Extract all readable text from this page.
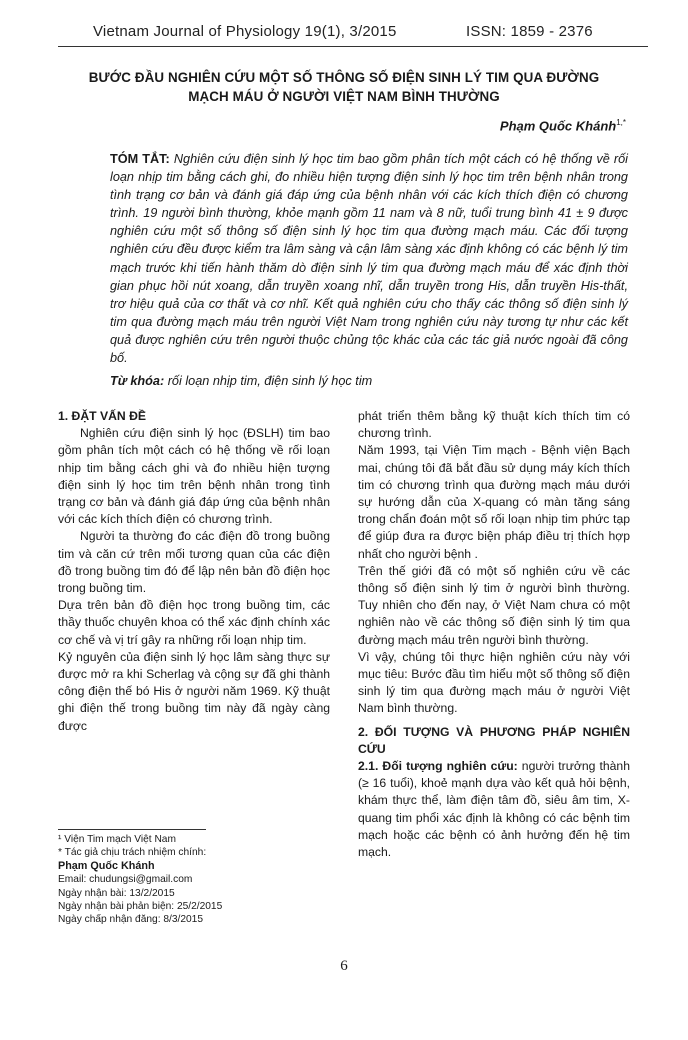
Vietnam Journal of Physiology 19(1), 3/2015	ISSN: 1859 - 2376
BƯỚC ĐẦU NGHIÊN CỨU MỘT SỐ THÔNG SỐ ĐIỆN SINH LÝ TIM QUA ĐƯỜNG
MẠCH MÁU Ở NGƯỜI VIỆT NAM BÌNH THƯỜNG
Phạm Quốc Khánh$^{1,*}$
TÓM TẮT: Nghiên cứu điện sinh lý học tim bao gồm phân tích một cách có hệ thống về rối loạn nhịp tim bằng cách ghi, đo nhiều hiện tượng điện sinh lý học tim trên bệnh nhân trong tình trạng cơ bản và đánh giá đáp ứng của bệnh nhân với các kích thích điện có chương trình. 19 người bình thường, khỏe mạnh gồm 11 nam và 8 nữ, tuổi trung bình 41 ± 9 được nghiên cứu một số thông số điện sinh lý học tim qua đường mạch máu. Các đối tượng nghiên cứu đều được kiểm tra lâm sàng và cận lâm sàng xác định không có các bệnh lý tim mạch trước khi tiến hành thăm dò điện sinh lý tim qua đường mạch máu để xác định thời gian phục hồi nút xoang, dẫn truyền xoang nhĩ, dẫn truyền trong His, dẫn truyền His-thất, trơ hiệu quả của cơ thất và cơ nhĩ. Kết quả nghiên cứu cho thấy các thông số điện sinh lý tim qua đường mạch máu trên người Việt Nam trong nghiên cứu này tương tự như các kết quả được nghiên cứu trên người thuộc chủng tộc khác của các tác giả nước ngoài đã công bố.
Từ khóa: rối loạn nhịp tim, điện sinh lý học tim

1. ĐẶT VẤN ĐỀ

Nghiên cứu điện sinh lý học (ĐSLH) tim bao gồm phân tích một cách có hệ thống về rối loạn nhịp tim bằng cách ghi và đo nhiều hiện tượng điện sinh lý học tim trên bệnh nhân trong tình trạng cơ bản và đánh giá đáp ứng của bệnh nhân với các kích thích điện có chương trình.

Người ta thường đo các điện đồ trong buồng tim và căn cứ trên mối tương quan của các điện đồ trong buồng tim đó để lập nên bản đồ điện học trong buồng tim.

Dựa trên bản đồ điện học trong buồng tim, các thầy thuốc chuyên khoa có thể xác định chính xác cơ chế và vị trí gây ra những rối loạn nhịp tim.

Kỷ nguyên của điện sinh lý học lâm sàng thực sự được mở ra khi Scherlag và cộng sự đã ghi thành công điện thế bó His ở người năm 1969. Kỹ thuật ghi điện thế trong buồng tim này đã ngày càng được

phát triển thêm bằng kỹ thuật kích thích tim có chương trình.

Năm 1993, tại Viện Tim mạch - Bệnh viện Bạch mai, chúng tôi đã bắt đầu sử dụng máy kích thích tim có chương trình qua đường mạch máu dưới sự hướng dẫn của X-quang có màn tăng sáng trong chẩn đoán một số rối loạn nhịp tim phức tạp để giúp đưa ra được biện pháp điều trị thích hợp nhất cho người bệnh .

Trên thế giới đã có một số nghiên cứu về các thông số điện sinh lý tim ở người bình thường. Tuy nhiên cho đến nay, ở Việt Nam chưa có một nghiên nào về các thông số điện sinh lý tim qua đường mạch máu trên người bình thường.

Vì vậy, chúng tôi thực hiện nghiên cứu này với mục tiêu: Bước đầu tìm hiểu một số thông số điện sinh lý tim qua đường mạch máu ở người Việt Nam bình thường.

2. ĐỐI TƯỢNG VÀ PHƯƠNG PHÁP NGHIÊN CỨU

2.1. Đối tượng nghiên cứu: người trưởng thành (≥ 16 tuổi), khoẻ mạnh dựa vào kết quả hỏi bệnh, khám thực thể, làm điện tâm đồ, siêu âm tim, X-quang tim phổi xác định là không có các bệnh tim mạch hoặc các bệnh có ảnh hưởng đến hệ tim mạch.

¹ Viện Tim mạch Việt Nam

* Tác giả chịu trách nhiệm chính:

Phạm Quốc Khánh

Email: chudungsi@gmail.com

Ngày nhận bài: 13/2/2015

Ngày nhận bài phản biện: 25/2/2015

Ngày chấp nhận đăng: 8/3/2015

6
